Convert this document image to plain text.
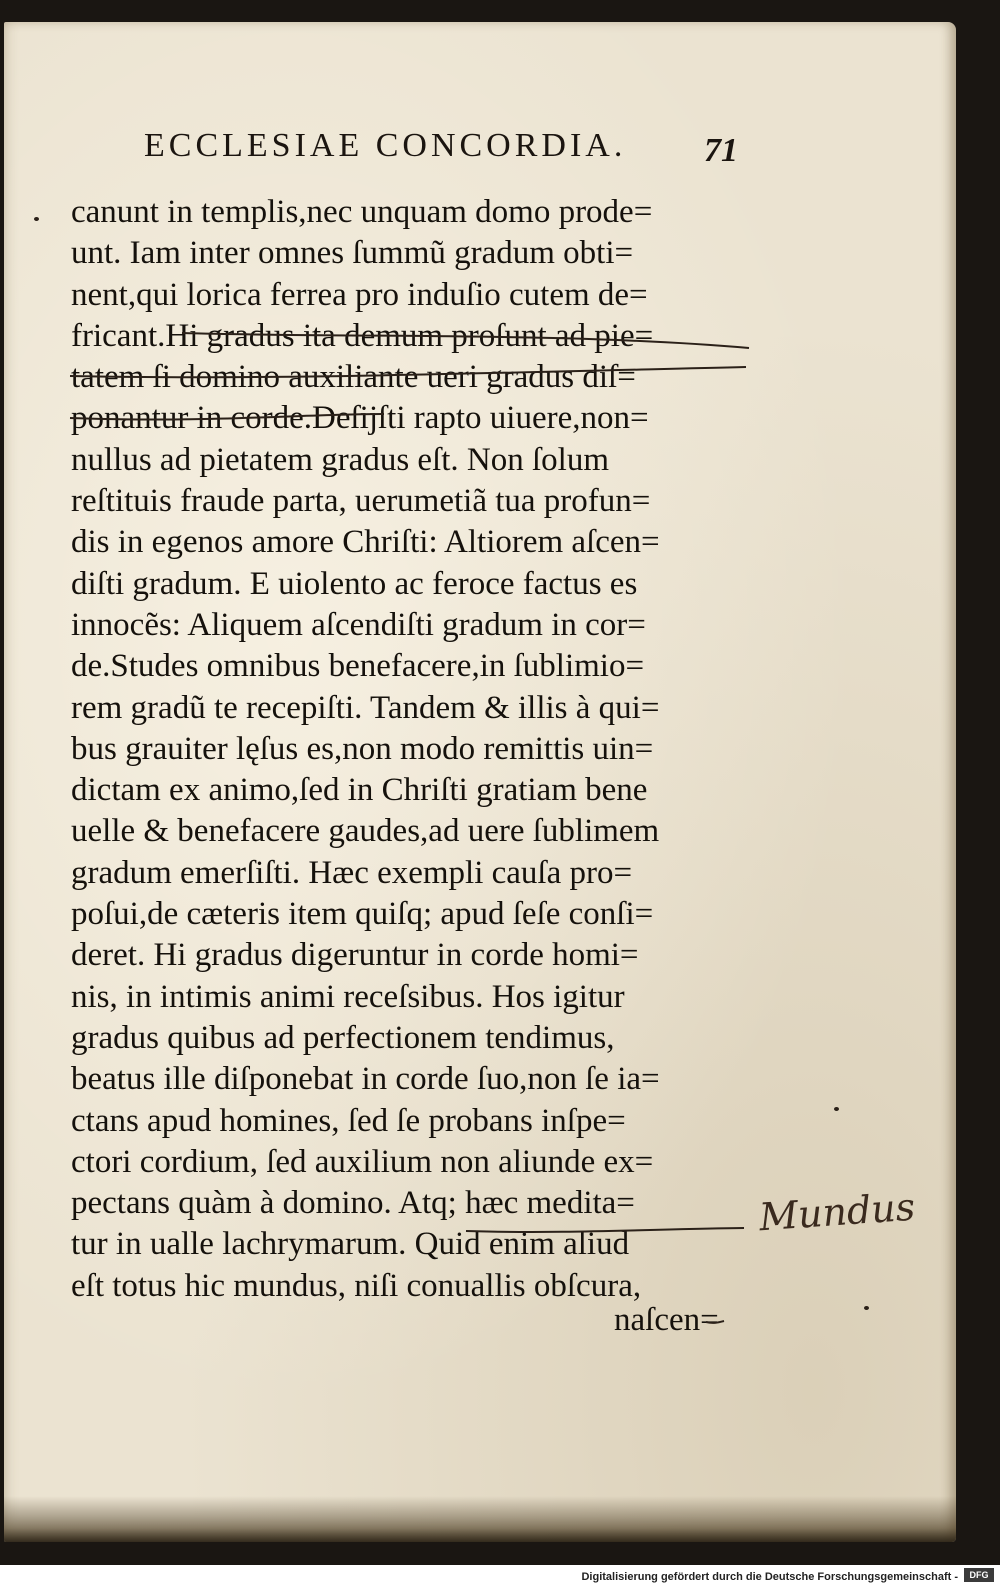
ECCLESIAE CONCORDIA.	71
canunt in templis,nec unquam domo prode=
unt. Iam inter omnes ſummũ gradum obti=
nent,qui lorica ferrea pro induſio cutem de=
fricant.Hi gradus ita demum proſunt ad pie=
tatem ſi domino auxiliante ueri gradus diſ=
ponantur in corde.Deſijſti rapto uiuere,non=
nullus ad pietatem gradus eſt. Non ſolum
reſtituis fraude parta, uerumetiã tua profun=
dis in egenos amore Chriſti: Altiorem aſcen=
diſti gradum. E uiolento ac feroce factus es
innocẽs: Aliquem aſcendiſti gradum in cor=
de.Studes omnibus benefacere,in ſublimio=
rem gradũ te recepiſti. Tandem & illis à qui=
bus grauiter lęſus es,non modo remittis uin=
dictam ex animo,ſed in Chriſti gratiam bene
uelle & benefacere gaudes,ad uere ſublimem
gradum emerſiſti. Hæc exempli cauſa pro=
poſui,de cæteris item quiſq; apud ſeſe conſi=
deret. Hi gradus digeruntur in corde homi=
nis, in intimis animi receſsibus. Hos igitur
gradus quibus ad perfectionem tendimus,
beatus ille diſponebat in corde ſuo,non ſe ia=
ctans apud homines, ſed ſe probans inſpe=
ctori cordium, ſed auxilium non aliunde ex=
pectans quàm à domino. Atq; hæc medita=
tur in ualle lachrymarum. Quid enim aliud
eſt totus hic mundus, niſi conuallis obſcura,
naſcen=
Mundus
Digitalisierung gefördert durch die Deutsche Forschungsgemeinschaft -	DFG
